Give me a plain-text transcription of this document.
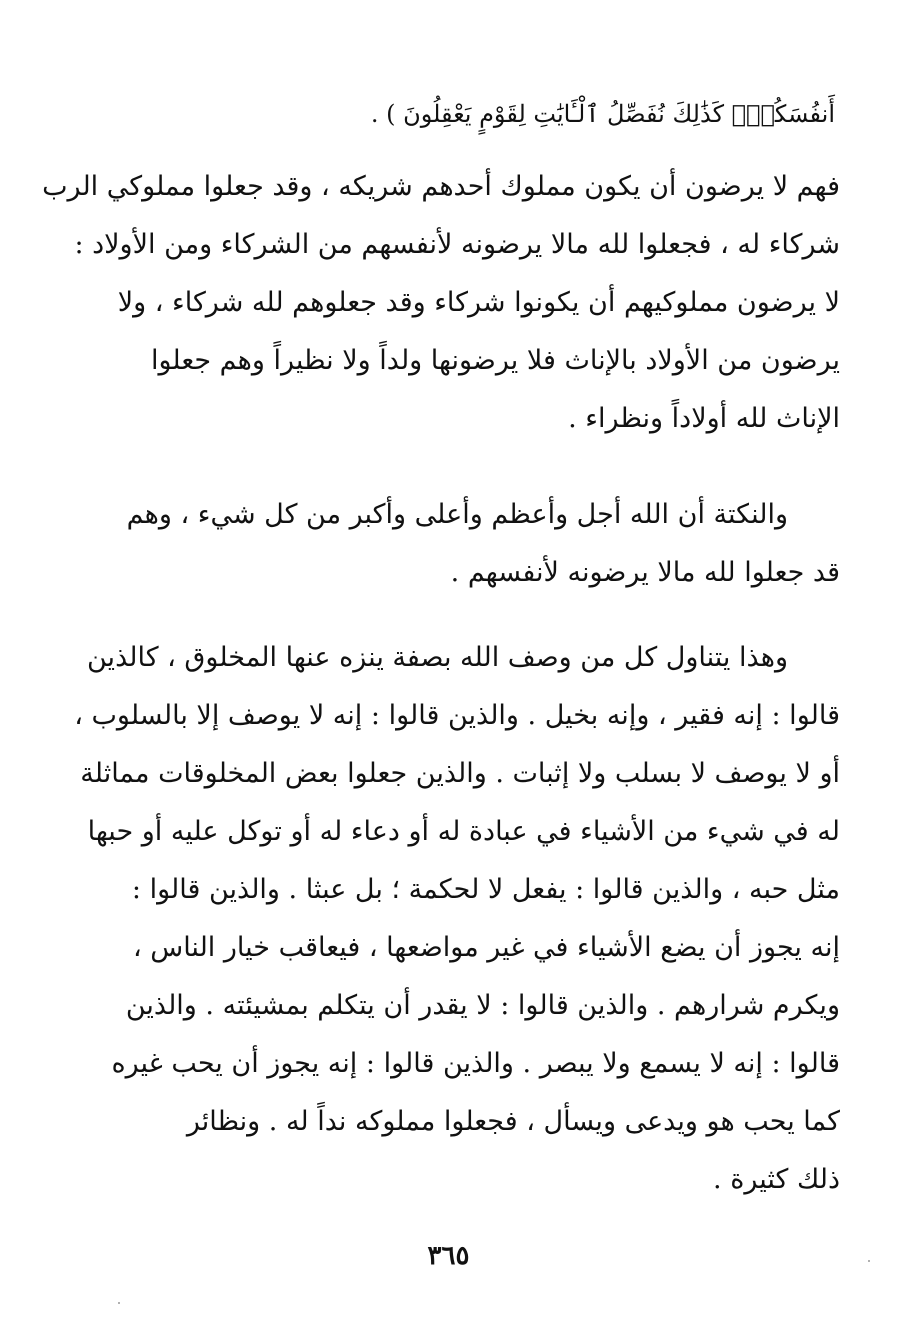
أَنفُسَكُمْۚ كَذَٰلِكَ نُفَصِّلُ ٱلْـَٔايَٰتِ لِقَوْمٍ يَعْقِلُونَ ) .
فهم لا يرضون أن يكون مملوك أحدهم شريكه ، وقد جعلوا مملوكي الرب
شركاء له ، فجعلوا لله مالا يرضونه لأنفسهم من الشركاء ومن الأولاد :
لا يرضون مملوكيهم أن يكونوا شركاء وقد جعلوهم لله شركاء ، ولا
يرضون من الأولاد بالإناث فلا يرضونها ولداً ولا نظيراً وهم جعلوا
الإناث لله أولاداً ونظراء .
والنكتة أن الله أجل وأعظم وأعلى وأكبر من كل شيء ، وهم
قد جعلوا لله مالا يرضونه لأنفسهم .
وهذا يتناول كل من وصف الله بصفة ينزه عنها المخلوق ، كالذين
قالوا : إنه فقير ، وإنه بخيل . والذين قالوا : إنه لا يوصف إلا بالسلوب ،
أو لا يوصف لا بسلب ولا إثبات . والذين جعلوا بعض المخلوقات مماثلة
له في شيء من الأشياء في عبادة له أو دعاء له أو توكل عليه أو حبها
مثل حبه ، والذين قالوا : يفعل لا لحكمة ؛ بل عبثا . والذين قالوا :
إنه يجوز أن يضع الأشياء في غير مواضعها ، فيعاقب خيار الناس ،
ويكرم شرارهم . والذين قالوا : لا يقدر أن يتكلم بمشيئته . والذين
قالوا : إنه لا يسمع ولا يبصر . والذين قالوا : إنه يجوز أن يحب غيره
كما يحب هو ويدعى ويسأل ، فجعلوا مملوكه نداً له . ونظائر
ذلك كثيرة .
٣٦٥
